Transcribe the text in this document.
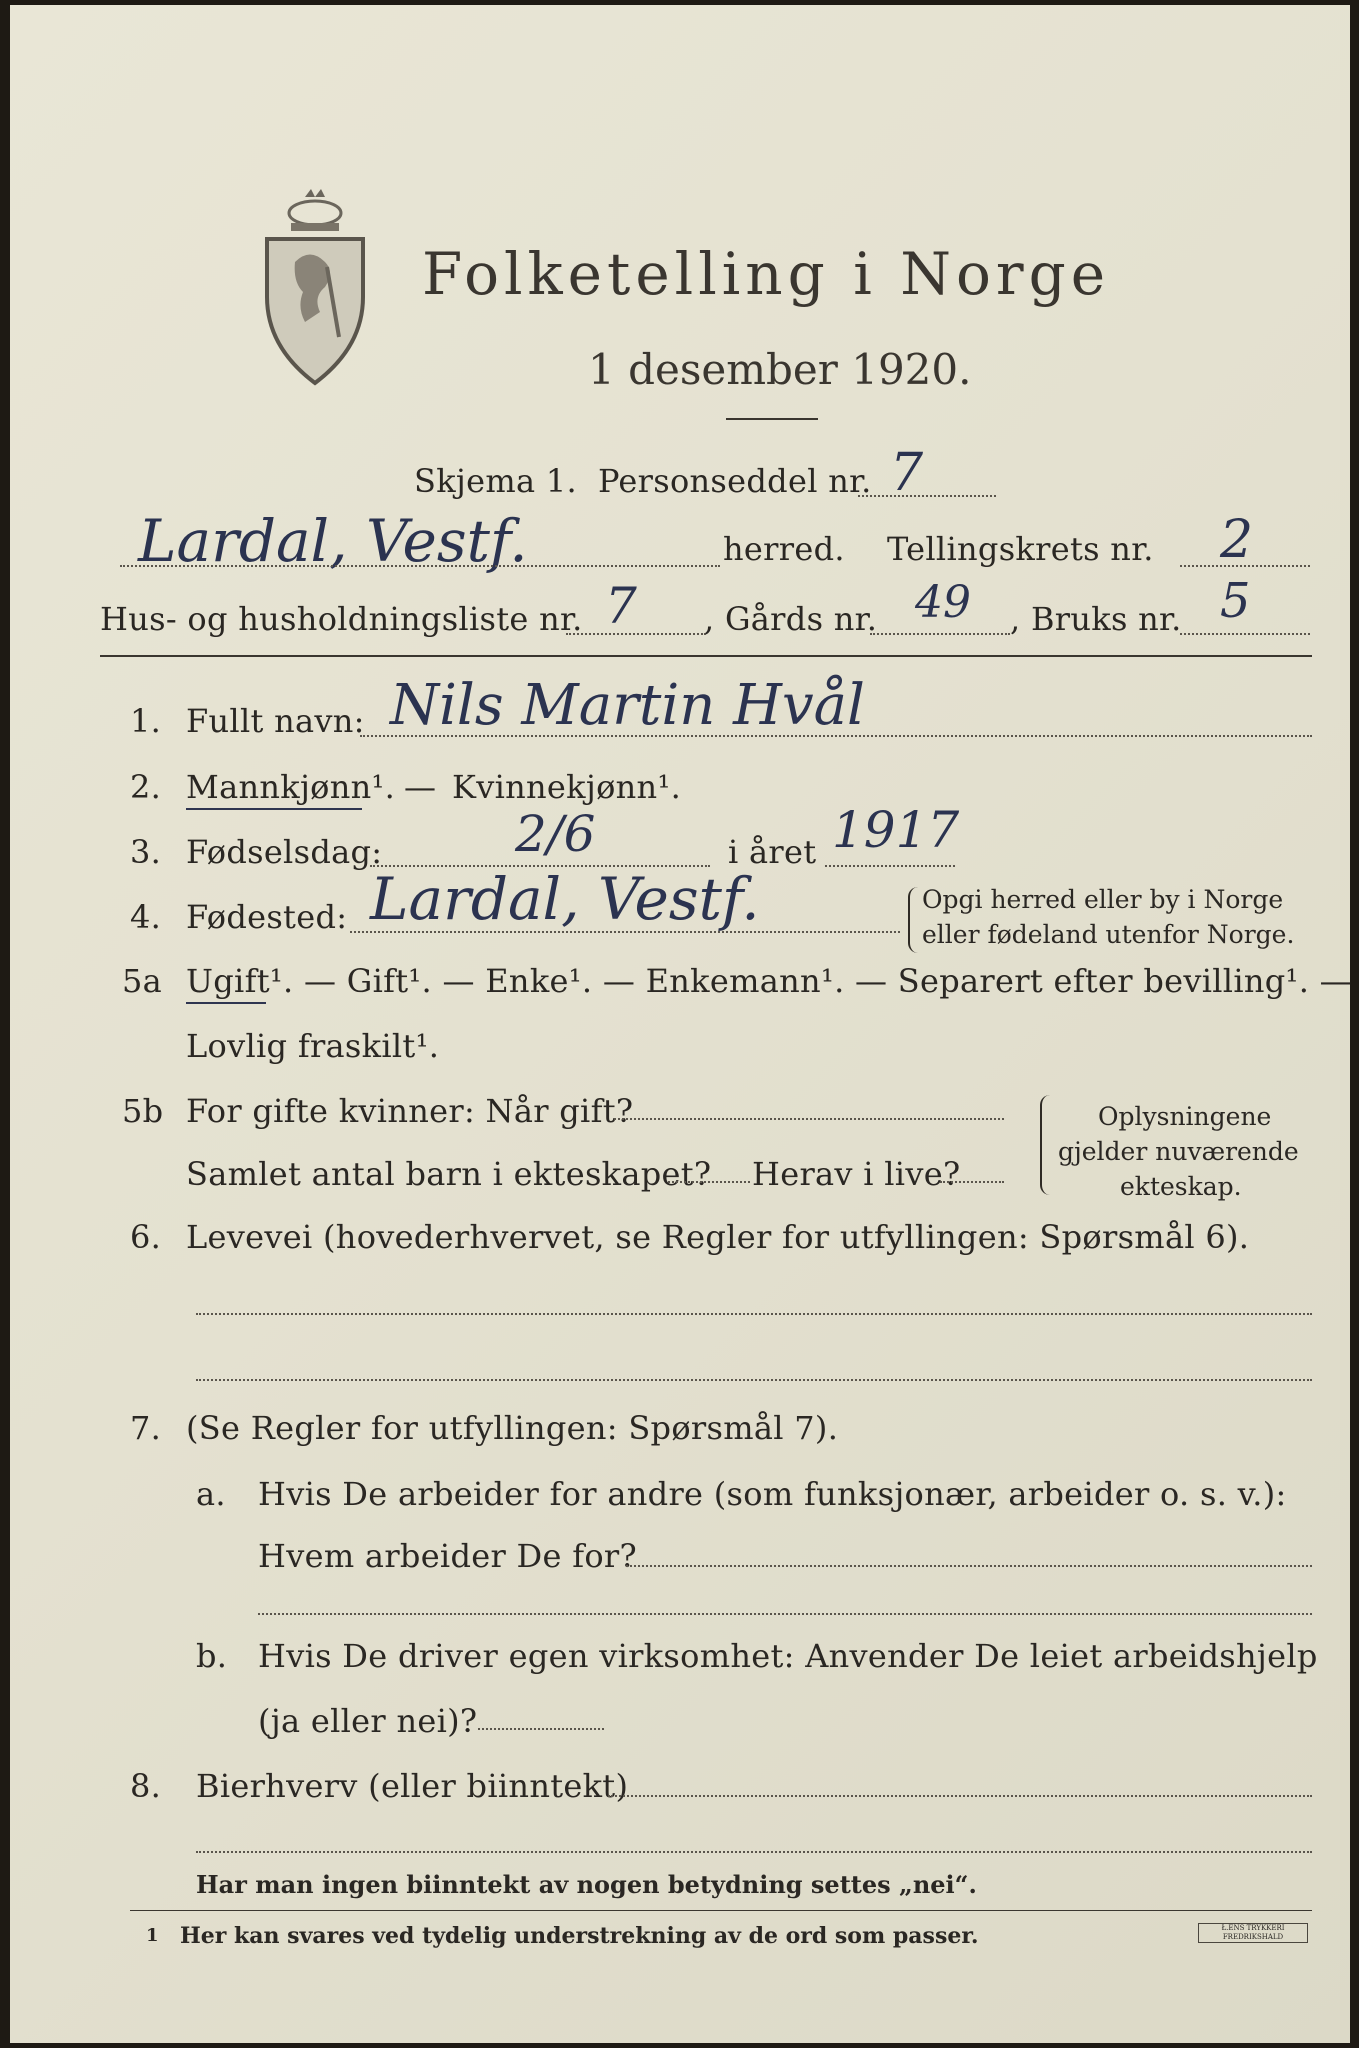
Folketelling i Norge
1 desember 1920.
Skjema 1. Personseddel nr. 7
Lardal, Vestf.	herred. Tellingskrets nr. 2
Hus- og husholdningsliste nr. 7 , Gårds nr. 49 , Bruks nr. 5
1. Fullt navn: Nils Martin Hvål
2. Mannkjønn¹. — Kvinnekjønn¹.
3. Fødselsdag:	2/6	i året 1917
4. Fødested: Lardal, Vestf.	Opgi herred eller by i Norge
eller fødeland utenfor Norge.
5a Ugift¹. — Gift¹. — Enke¹. — Enkemann¹. — Separert efter bevilling¹. —
Lovlig fraskilt¹.
5b For gifte kvinner: Når gift?
Samlet antal barn i ekteskapet? Herav i live?
Oplysningene
gjelder nuværende
ekteskap.
6. Levevei (hovederhvervet, se Regler for utfyllingen: Spørsmål 6).
7. (Se Regler for utfyllingen: Spørsmål 7).
a. Hvis De arbeider for andre (som funksjonær, arbeider o. s. v.):
Hvem arbeider De for?
b. Hvis De driver egen virksomhet: Anvender De leiet arbeidshjelp
(ja eller nei)?
8. Bierhverv (eller biinntekt)
Har man ingen biinntekt av nogen betydning settes „nei“.
1 Her kan svares ved tydelig understrekning av de ord som passer.	Ł.ENS TRYKKERI FREDRIKSHALD
